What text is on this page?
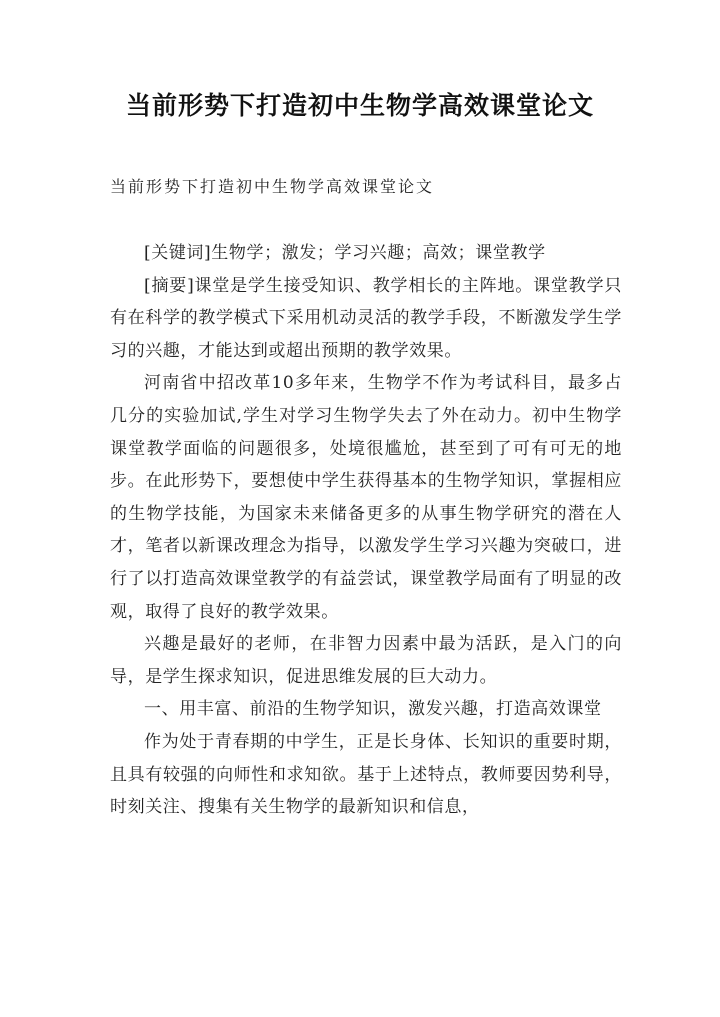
当前形势下打造初中生物学高效课堂论文

当前形势下打造初中生物学高效课堂论文

[关键词]生物学；激发；学习兴趣；高效；课堂教学

[摘要]课堂是学生接受知识、教学相长的主阵地。课堂教学只有在科学的教学模式下采用机动灵活的教学手段，不断激发学生学习的兴趣，才能达到或超出预期的教学效果。

河南省中招改革10多年来，生物学不作为考试科目，最多占几分的实验加试,学生对学习生物学失去了外在动力。初中生物学课堂教学面临的问题很多，处境很尴尬，甚至到了可有可无的地步。在此形势下，要想使中学生获得基本的生物学知识，掌握相应的生物学技能，为国家未来储备更多的从事生物学研究的潜在人才，笔者以新课改理念为指导，以激发学生学习兴趣为突破口，进行了以打造高效课堂教学的有益尝试，课堂教学局面有了明显的改观，取得了良好的教学效果。

兴趣是最好的老师，在非智力因素中最为活跃，是入门的向导，是学生探求知识，促进思维发展的巨大动力。

一、用丰富、前沿的生物学知识，激发兴趣，打造高效课堂

作为处于青春期的中学生，正是长身体、长知识的重要时期，且具有较强的向师性和求知欲。基于上述特点，教师要因势利导，时刻关注、搜集有关生物学的最新知识和信息，
